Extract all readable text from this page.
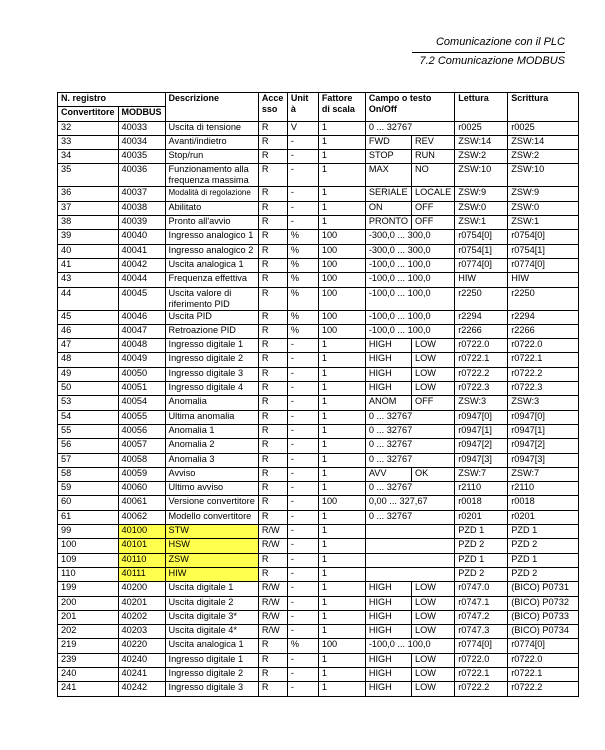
Comunicazione con il PLC
7.2 Comunicazione MODBUS
N. registro		Descrizione	Acce sso	Unit à	Fattore di scala	Campo o testo On/Off		Lettura	Scrittura
Convertitore	MODBUS								
32	40033	Uscita di tensione	R	V	1	0 ... 32767		r0025	r0025
33	40034	Avanti/indietro	R	-	1	FWD	REV	ZSW:14	ZSW:14
34	40035	Stop/run	R	-	1	STOP	RUN	ZSW:2	ZSW:2
35	40036	Funzionamento alla frequenza massima	R	-	1	MAX	NO	ZSW:10	ZSW:10
36	40037	Modalità di regolazione	R	-	1	SERIALE	LOCALE	ZSW:9	ZSW:9
37	40038	Abilitato	R	-	1	ON	OFF	ZSW:0	ZSW:0
38	40039	Pronto all'avvio	R	-	1	PRONTO	OFF	ZSW:1	ZSW:1
39	40040	Ingresso analogico 1	R	%	100	-300,0 ... 300,0		r0754[0]	r0754[0]
40	40041	Ingresso analogico 2	R	%	100	-300,0 ... 300,0		r0754[1]	r0754[1]
41	40042	Uscita analogica 1	R	%	100	-100,0 ... 100,0		r0774[0]	r0774[0]
43	40044	Frequenza effettiva	R	%	100	-100,0 ... 100,0		HIW	HIW
44	40045	Uscita valore di riferimento PID	R	%	100	-100,0 ... 100,0		r2250	r2250
45	40046	Uscita PID	R	%	100	-100,0 ... 100,0		r2294	r2294
46	40047	Retroazione PID	R	%	100	-100,0 ... 100,0		r2266	r2266
47	40048	Ingresso digitale 1	R	-	1	HIGH	LOW	r0722.0	r0722.0
48	40049	Ingresso digitale 2	R	-	1	HIGH	LOW	r0722.1	r0722.1
49	40050	Ingresso digitale 3	R	-	1	HIGH	LOW	r0722.2	r0722.2
50	40051	Ingresso digitale 4	R	-	1	HIGH	LOW	r0722.3	r0722.3
53	40054	Anomalia	R	-	1	ANOM	OFF	ZSW:3	ZSW:3
54	40055	Ultima anomalia	R	-	1	0 ... 32767		r0947[0]	r0947[0]
55	40056	Anomalia 1	R	-	1	0 ... 32767		r0947[1]	r0947[1]
56	40057	Anomalia 2	R	-	1	0 ... 32767		r0947[2]	r0947[2]
57	40058	Anomalia 3	R	-	1	0 ... 32767		r0947[3]	r0947[3]
58	40059	Avviso	R	-	1	AVV	OK	ZSW:7	ZSW:7
59	40060	Ultimo avviso	R	-	1	0 ... 32767		r2110	r2110
60	40061	Versione convertitore	R	-	100	0,00 ... 327,67		r0018	r0018
61	40062	Modello convertitore	R	-	1	0 ... 32767		r0201	r0201
99	40100	STW	R/W	-	1			PZD 1	PZD 1
100	40101	HSW	R/W	-	1			PZD 2	PZD 2
109	40110	ZSW	R	-	1			PZD 1	PZD 1
110	40111	HIW	R	-	1			PZD 2	PZD 2
199	40200	Uscita digitale 1	R/W	-	1	HIGH	LOW	r0747.0	(BICO) P0731
200	40201	Uscita digitale 2	R/W	-	1	HIGH	LOW	r0747.1	(BICO) P0732
201	40202	Uscita digitale 3*	R/W	-	1	HIGH	LOW	r0747.2	(BICO) P0733
202	40203	Uscita digitale 4*	R/W	-	1	HIGH	LOW	r0747.3	(BICO) P0734
219	40220	Uscita analogica 1	R	%	100	-100,0 ... 100,0		r0774[0]	r0774[0]
239	40240	Ingresso digitale 1	R	-	1	HIGH	LOW	r0722.0	r0722.0
240	40241	Ingresso digitale 2	R	-	1	HIGH	LOW	r0722.1	r0722.1
241	40242	Ingresso digitale 3	R	-	1	HIGH	LOW	r0722.2	r0722.2
